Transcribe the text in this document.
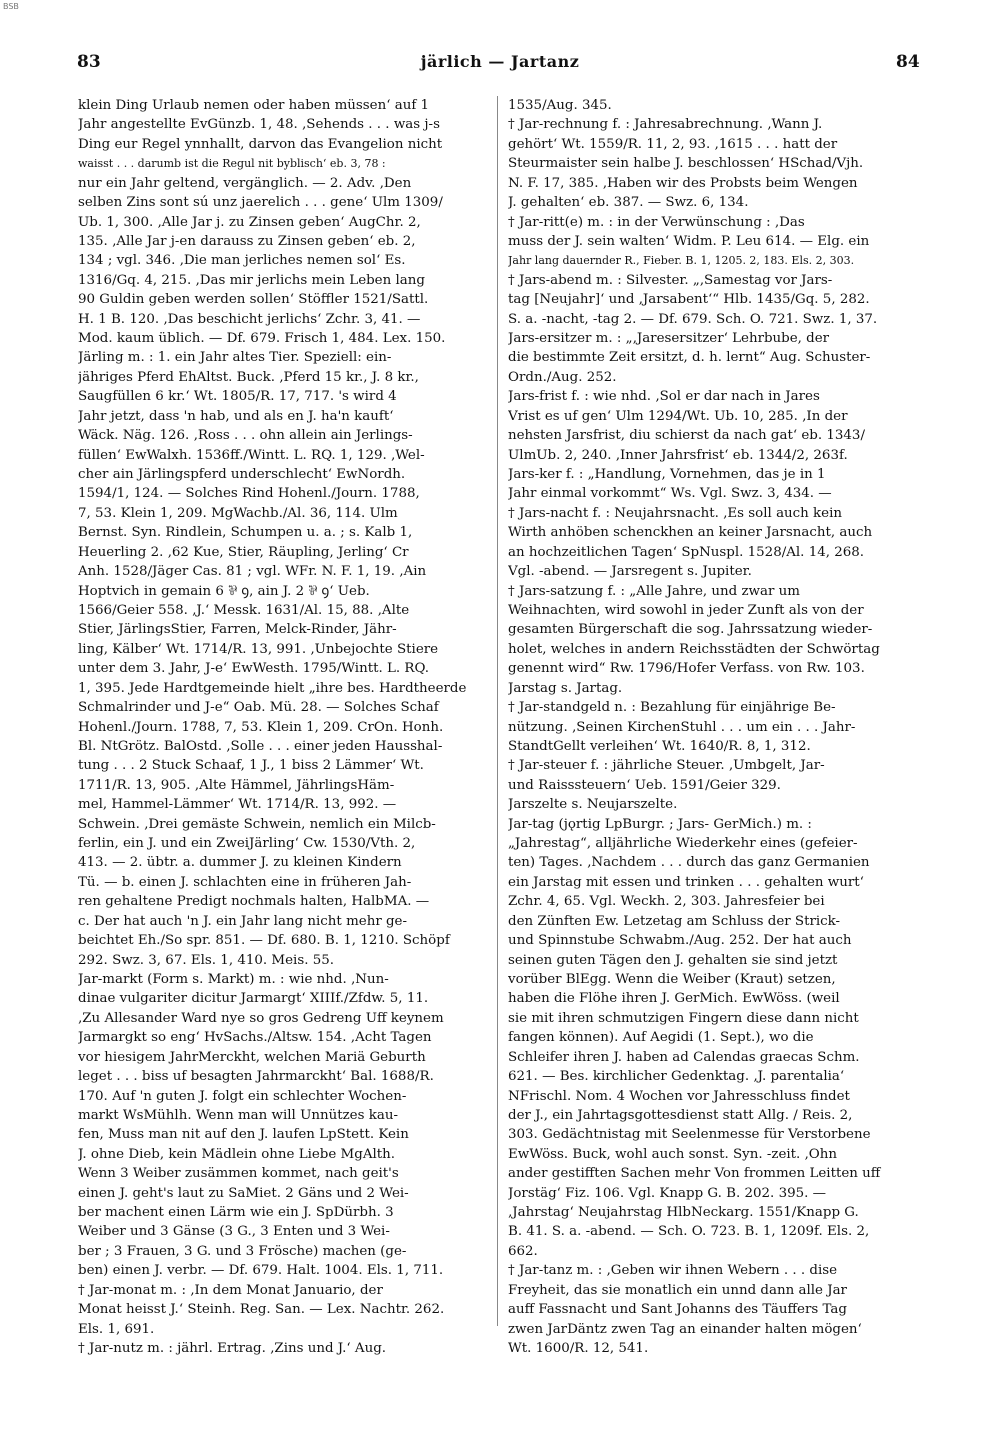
BSB
83	järlich — Jartanz	84
klein Ding Urlaub nemen oder haben müssen‘ auf 1
Jahr angestellte EvGünzb. 1, 48. ‚Sehends . . . was j-s
Ding eur Regel ynnhallt, darvon das Evangelion nicht
waisst . . . darumb ist die Regul nit byblisch‘ eb. 3, 78 :
nur ein Jahr geltend, vergänglich. — 2. Adv. ‚Den
selben Zins sont sú unz jaerelich . . . gene‘ Ulm 1309/
Ub. 1, 300. ‚Alle Jar j. zu Zinsen geben‘ AugChr. 2,
135. ‚Alle Jar j-en darauss zu Zinsen geben‘ eb. 2,
134 ; vgl. 346. ‚Die man jerliches nemen sol‘ Es.
1316/Gq. 4, 215. ‚Das mir jerlichs mein Leben lang
90 Guldin geben werden sollen‘ Stöffler 1521/Sattl.
H. 1 B. 120. ‚Das beschicht jerlichs‘ Zchr. 3, 41. —
Mod. kaum üblich. — Df. 679. Frisch 1, 484. Lex. 150.
Järling m. : 1. ein Jahr altes Tier. Speziell: ein-
jähriges Pferd EhAltst. Buck. ‚Pferd 15 kr., J. 8 kr.,
Saugfüllen 6 kr.‘ Wt. 1805/R. 17, 717. 's wird 4
Jahr jetzt, dass 'n hab, und als en J. ha'n kauft‘
Wäck. Näg. 126. ‚Ross . . . ohn allein ain Jerlings-
füllen‘ EwWalxh. 1536ff./Wintt. L. RQ. 1, 129. ‚Wel-
cher ain Järlingspferd underschlecht‘ EwNordh.
1594/1, 124. — Solches Rind Hohenl./Journ. 1788,
7, 53. Klein 1, 209. MgWachb./Al. 36, 114. Ulm
Bernst. Syn. Rindlein, Schumpen u. a. ; s. Kalb 1,
Heuerling 2. ‚62 Kue, Stier, Räupling, Jerling‘ Cr
Anh. 1528/Jäger Cas. 81 ; vgl. WFr. N. F. 1, 19. ‚Ain
Hoptvich in gemain 6 ⅌ ꝯ, ain J. 2 ⅌ ꝯ‘ Ueb.
1566/Geier 558. ‚J.‘ Messk. 1631/Al. 15, 88. ‚Alte
Stier, JärlingsStier, Farren, Melck-Rinder, Jähr-
ling, Kälber‘ Wt. 1714/R. 13, 991. ‚Unbejochte Stiere
unter dem 3. Jahr, J-e‘ EwWesth. 1795/Wintt. L. RQ.
1, 395. Jede Hardtgemeinde hielt „ihre bes. Hardtheerde
Schmalrinder und J-e“ Oab. Mü. 28. — Solches Schaf
Hohenl./Journ. 1788, 7, 53. Klein 1, 209. CrOn. Honh.
Bl. NtGrötz. BalOstd. ‚Solle . . . einer jeden Hausshal-
tung . . . 2 Stuck Schaaf, 1 J., 1 biss 2 Lämmer‘ Wt.
1711/R. 13, 905. ‚Alte Hämmel, JährlingsHäm-
mel, Hammel-Lämmer‘ Wt. 1714/R. 13, 992. —
Schwein. ‚Drei gemäste Schwein, nemlich ein Milcb-
ferlin, ein J. und ein ZweiJärling‘ Cw. 1530/Vth. 2,
413. — 2. übtr. a. dummer J. zu kleinen Kindern
Tü. — b. einen J. schlachten eine in früheren Jah-
ren gehaltene Predigt nochmals halten, HalbMA. —
c. Der hat auch 'n J. ein Jahr lang nicht mehr ge-
beichtet Eh./So spr. 851. — Df. 680. B. 1, 1210. Schöpf
292. Swz. 3, 67. Els. 1, 410. Meis. 55.
Jar-markt (Form s. Markt) m. : wie nhd. ‚Nun-
dinae vulgariter dicitur Jarmargt‘ XIIIf./Zfdw. 5, 11.
‚Zu Allesander Ward nye so gros Gedreng Uff keynem
Jarmargkt so eng‘ HvSachs./Altsw. 154. ‚Acht Tagen
vor hiesigem JahrMerckht, welchen Mariä Geburth
leget . . . biss uf besagten Jahrmarckht‘ Bal. 1688/R.
170. Auf 'n guten J. folgt ein schlechter Wochen-
markt WsMühlh. Wenn man will Unnützes kau-
fen, Muss man nit auf den J. laufen LpStett. Kein
J. ohne Dieb, kein Mädlein ohne Liebe MgAlth.
Wenn 3 Weiber zusämmen kommet, nach geit's
einen J. geht's laut zu SaMiet. 2 Gäns und 2 Wei-
ber machent einen Lärm wie ein J. SpDürbh. 3
Weiber und 3 Gänse (3 G., 3 Enten und 3 Wei-
ber ; 3 Frauen, 3 G. und 3 Frösche) machen (ge-
ben) einen J. verbr. — Df. 679. Halt. 1004. Els. 1, 711.
† Jar-monat m. : ‚In dem Monat Januario, der
Monat heisst J.‘ Steinh. Reg. San. — Lex. Nachtr. 262.
Els. 1, 691.
† Jar-nutz m. : jährl. Ertrag. ‚Zins und J.‘ Aug.
1535/Aug. 345.
† Jar-rechnung f. : Jahresabrechnung. ‚Wann J.
gehört‘ Wt. 1559/R. 11, 2, 93. ‚1615 . . . hatt der
Steurmaister sein halbe J. beschlossen‘ HSchad/Vjh.
N. F. 17, 385. ‚Haben wir des Probsts beim Wengen
J. gehalten‘ eb. 387. — Swz. 6, 134.
† Jar-ritt(e) m. : in der Verwünschung : ‚Das
muss der J. sein walten‘ Widm. P. Leu 614. — Elg. ein
Jahr lang dauernder R., Fieber. B. 1, 1205. 2, 183. Els. 2, 303.
† Jars-abend m. : Silvester. „‚Samestag vor Jars-
tag [Neujahr]‘ und ‚Jarsabent‘“ Hlb. 1435/Gq. 5, 282.
S. a. -nacht, -tag 2. — Df. 679. Sch. O. 721. Swz. 1, 37.
Jars-ersitzer m. : „‚Jaresersitzer‘ Lehrbube, der
die bestimmte Zeit ersitzt, d. h. lernt“ Aug. Schuster-
Ordn./Aug. 252.
Jars-frist f. : wie nhd. ‚Sol er dar nach in Jares
Vrist es uf gen‘ Ulm 1294/Wt. Ub. 10, 285. ‚In der
nehsten Jarsfrist, diu schierst da nach gat‘ eb. 1343/
UlmUb. 2, 240. ‚Inner Jahrsfrist‘ eb. 1344/2, 263f.
Jars-ker f. : „Handlung, Vornehmen, das je in 1
Jahr einmal vorkommt“ Ws. Vgl. Swz. 3, 434. —
† Jars-nacht f. : Neujahrsnacht. ‚Es soll auch kein
Wirth anhöben schenckhen an keiner Jarsnacht, auch
an hochzeitlichen Tagen‘ SpNuspl. 1528/Al. 14, 268.
Vgl. -abend. — Jarsregent s. Jupiter.
† Jars-satzung f. : „Alle Jahre, und zwar um
Weihnachten, wird sowohl in jeder Zunft als von der
gesamten Bürgerschaft die sog. Jahrssatzung wieder-
holet, welches in andern Reichsstädten der Schwörtag
genennt wird“ Rw. 1796/Hofer Verfass. von Rw. 103.
Jarstag s. Jartag.
† Jar-standgeld n. : Bezahlung für einjährige Be-
nützung. ‚Seinen KirchenStuhl . . . um ein . . . Jahr-
StandtGellt verleihen‘ Wt. 1640/R. 8, 1, 312.
† Jar-steuer f. : jährliche Steuer. ‚Umbgelt, Jar-
und Raisssteuern‘ Ueb. 1591/Geier 329.
Jarszelte s. Neujarszelte.
Jar-tag (jǫrtig LpBurgr. ; Jars- GerMich.) m. :
„Jahrestag“, alljährliche Wiederkehr eines (gefeier-
ten) Tages. ‚Nachdem . . . durch das ganz Germanien
ein Jarstag mit essen und trinken . . . gehalten wurt‘
Zchr. 4, 65. Vgl. Weckh. 2, 303. Jahresfeier bei
den Zünften Ew. Letzetag am Schluss der Strick-
und Spinnstube Schwabm./Aug. 252. Der hat auch
seinen guten Tägen den J. gehalten sie sind jetzt
vorüber BlEgg. Wenn die Weiber (Kraut) setzen,
haben die Flöhe ihren J. GerMich. EwWöss. (weil
sie mit ihren schmutzigen Fingern diese dann nicht
fangen können). Auf Aegidi (1. Sept.), wo die
Schleifer ihren J. haben ad Calendas graecas Schm.
621. — Bes. kirchlicher Gedenktag. ‚J. parentalia‘
NFrischl. Nom. 4 Wochen vor Jahresschluss findet
der J., ein Jahrtagsgottesdienst statt Allg. / Reis. 2,
303. Gedächtnistag mit Seelenmesse für Verstorbene
EwWöss. Buck, wohl auch sonst. Syn. -zeit. ‚Ohn
ander gestifften Sachen mehr Von frommen Leitten uff
Jorstäg‘ Fiz. 106. Vgl. Knapp G. B. 202. 395. —
‚Jahrstag‘ Neujahrstag HlbNeckarg. 1551/Knapp G.
B. 41. S. a. -abend. — Sch. O. 723. B. 1, 1209f. Els. 2,
662.
† Jar-tanz m. : ‚Geben wir ihnen Webern . . . dise
Freyheit, das sie monatlich ein unnd dann alle Jar
auff Fassnacht und Sant Johanns des Täuffers Tag
zwen JarDäntz zwen Tag an einander halten mögen‘
Wt. 1600/R. 12, 541.
